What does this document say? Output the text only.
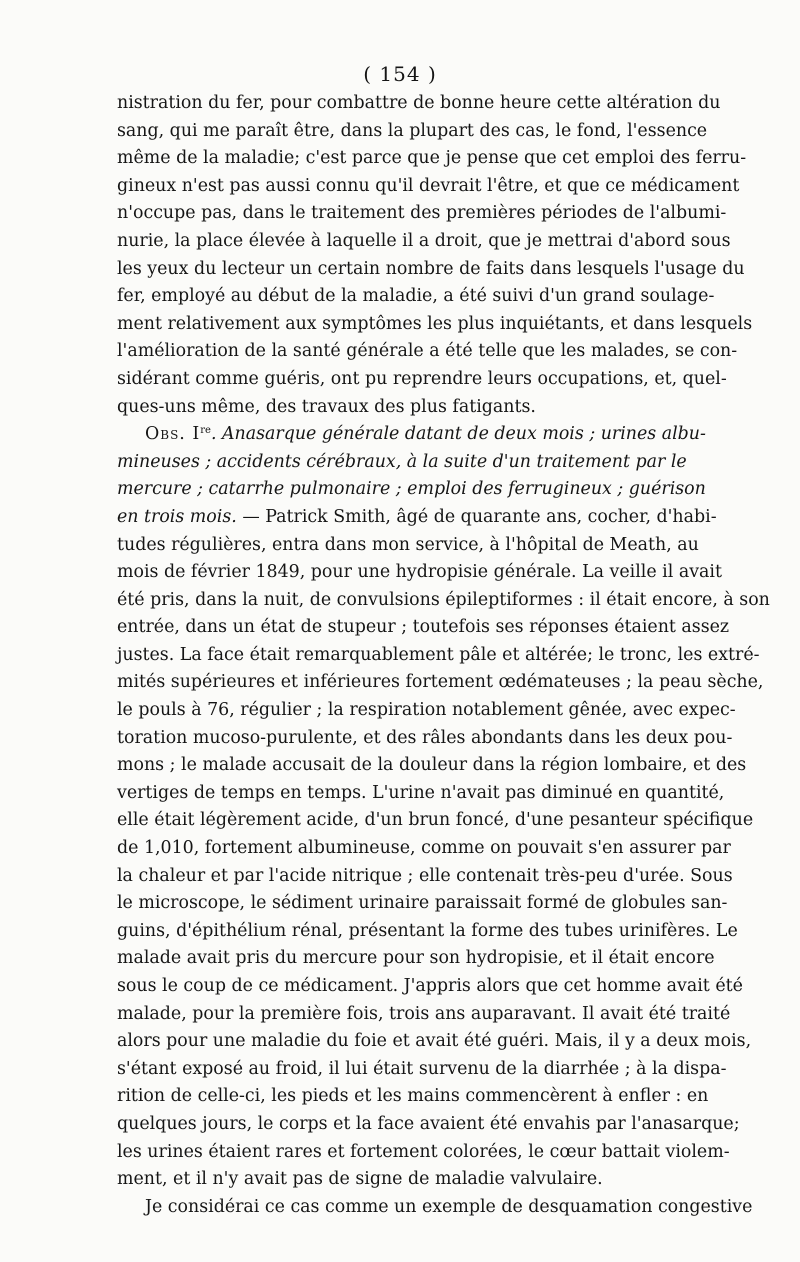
( 154 )
nistration du fer, pour combattre de bonne heure cette altération du
sang, qui me paraît être, dans la plupart des cas, le fond, l'essence
même de la maladie; c'est parce que je pense que cet emploi des ferru-
gineux n'est pas aussi connu qu'il devrait l'être, et que ce médicament
n'occupe pas, dans le traitement des premières périodes de l'albumi-
nurie, la place élevée à laquelle il a droit, que je mettrai d'abord sous
les yeux du lecteur un certain nombre de faits dans lesquels l'usage du
fer, employé au début de la maladie, a été suivi d'un grand soulage-
ment relativement aux symptômes les plus inquiétants, et dans lesquels
l'amélioration de la santé générale a été telle que les malades, se con-
sidérant comme guéris, ont pu reprendre leurs occupations, et, quel-
ques-uns même, des travaux des plus fatigants.
Obs. Ire. Anasarque générale datant de deux mois ; urines albu-
mineuses ; accidents cérébraux, à la suite d'un traitement par le
mercure ; catarrhe pulmonaire ; emploi des ferrugineux ; guérison
en trois mois. — Patrick Smith, âgé de quarante ans, cocher, d'habi-
tudes régulières, entra dans mon service, à l'hôpital de Meath, au
mois de février 1849, pour une hydropisie générale. La veille il avait
été pris, dans la nuit, de convulsions épileptiformes : il était encore, à son
entrée, dans un état de stupeur ; toutefois ses réponses étaient assez
justes. La face était remarquablement pâle et altérée; le tronc, les extré-
mités supérieures et inférieures fortement œdémateuses ; la peau sèche,
le pouls à 76, régulier ; la respiration notablement gênée, avec expec-
toration mucoso-purulente, et des râles abondants dans les deux pou-
mons ; le malade accusait de la douleur dans la région lombaire, et des
vertiges de temps en temps. L'urine n'avait pas diminué en quantité,
elle était légèrement acide, d'un brun foncé, d'une pesanteur spécifique
de 1,010, fortement albumineuse, comme on pouvait s'en assurer par
la chaleur et par l'acide nitrique ; elle contenait très-peu d'urée. Sous
le microscope, le sédiment urinaire paraissait formé de globules san-
guins, d'épithélium rénal, présentant la forme des tubes urinifères. Le
malade avait pris du mercure pour son hydropisie, et il était encore
sous le coup de ce médicament. J'appris alors que cet homme avait été
malade, pour la première fois, trois ans auparavant. Il avait été traité
alors pour une maladie du foie et avait été guéri. Mais, il y a deux mois,
s'étant exposé au froid, il lui était survenu de la diarrhée ; à la dispa-
rition de celle-ci, les pieds et les mains commencèrent à enfler : en
quelques jours, le corps et la face avaient été envahis par l'anasarque;
les urines étaient rares et fortement colorées, le cœur battait violem-
ment, et il n'y avait pas de signe de maladie valvulaire.
Je considérai ce cas comme un exemple de desquamation congestive
